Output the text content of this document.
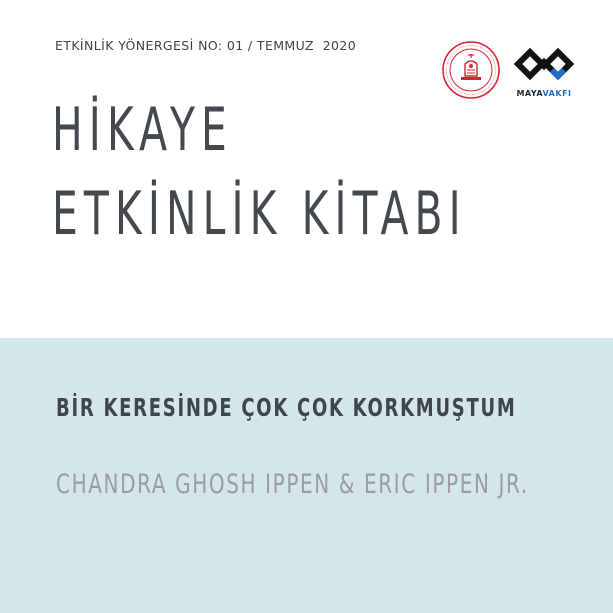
ETKİNLİK YÖNERGESİ NO: 01 / TEMMUZ  2020
MAYAVAKFI
HİKAYE
ETKİNLİK KİTABI
BİR KERESİNDE ÇOK ÇOK KORKMUŞTUM
CHANDRA GHOSH IPPEN & ERIC IPPEN JR.
